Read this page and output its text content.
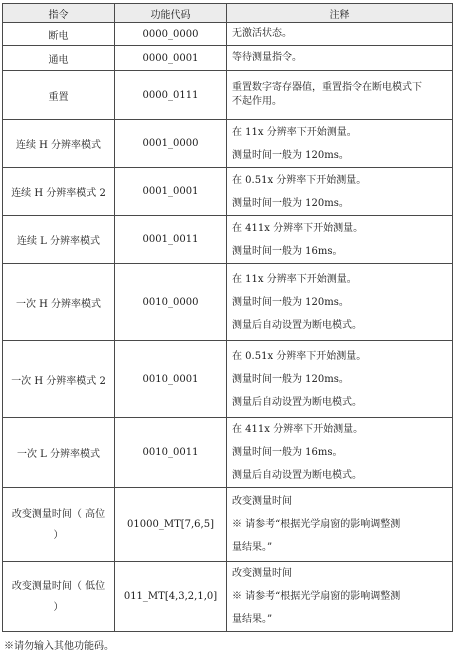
指令	功能代码	注释
断电	0000_0000	无激活状态。

通电	0000_0001	等待测量指令。

重置	0000_0111	重置数字寄存器值，重置指令在断电模式下

不起作用。

连续 H 分辨率模式	0001_0000	在 11x 分辨率下开始测量。

测量时间一般为 120ms。

连续 H 分辨率模式 2	0001_0001	在 0.51x 分辨率下开始测量。

测量时间一般为 120ms。

连续 L 分辨率模式	0001_0011	在 411x 分辨率下开始测量。

测量时间一般为 16ms。

一次 H 分辨率模式	0010_0000	在 11x 分辨率下开始测量。

测量时间一般为 120ms。

测量后自动设置为断电模式。

一次 H 分辨率模式 2	0010_0001	在 0.51x 分辨率下开始测量。

测量时间一般为 120ms。

测量后自动设置为断电模式。

一次 L 分辨率模式	0010_0011	在 411x 分辨率下开始测量。

测量时间一般为 16ms。

测量后自动设置为断电模式。

改变测量时间（ 高位 ）	01000_MT[7,6,5]	改变测量时间

※ 请参考“根据光学扇窗的影响调整测

量结果。”

改变测量时间（ 低位 ）	011_MT[4,3,2,1,0]	改变测量时间

※ 请参考“根据光学扇窗的影响调整测

量结果。”

※请勿输入其他功能码。
